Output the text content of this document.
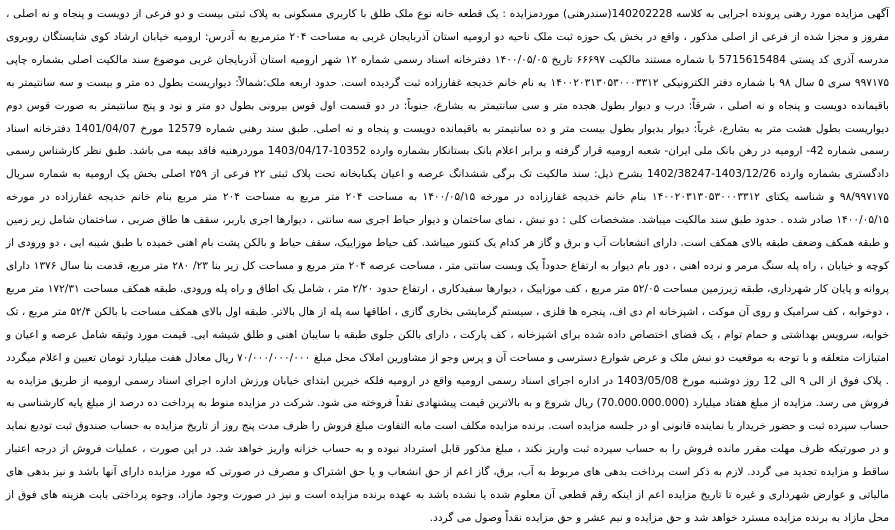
آگهی مزایده مورد رهنی پرونده اجرایی به کلاسه 140202228(سندرهنی) موردمزایده : یک قطعه خانه نوع ملک طلق با کاربری مسکونی به پلاک ثبتی بیست و دو فرعی از دویست و پنجاه و نه اصلی ، مفروز و مجزا شده از فرعی از اصلی مذکور ، واقع در بخش یک حوزه ثبت ملک ناحیه دو ارومیه استان آذربایجان غربی به مساحت ۲۰۴ مترمربع به آدرس: ارومیه خیابان ارشاد کوی شایستگان روبروی مدرسه آذری کد پستی 5715615484 با شماره مستند مالکیت ۶۶۶۹۷ تاریخ ۱۴۰۰/۰۵/۰۵ دفترخانه اسناد رسمی شماره ۱۲ شهر ارومیه استان آذربایجان غربی موضوع سند مالکیت اصلی بشماره چاپی ۹۹۷۱۷۵ سری ۵ سال ۹۸ با شماره دفتر الکترونیکی ۱۴۰۰۲۰۳۱۳۰۵۳۰۰۰۳۳۱۲ به نام خانم خدیجه غفارزاده ثبت گردیده است. حدود اربعه ملک:شمالاً: دیواریست بطول ده متر و بیست و سه سانتیمتر به باقیمانده دویست و پنجاه و نه اصلی ، شرقاً: درب و دیوار بطول هجده متر و سی سانتیمتر به بشارع، جنوباً: در دو قسمت اول قوس بیرونی بطول دو متر و نود و پنج سانتیمتر به صورت قوس دوم دیواریست بطول هشت متر به بشارع، غرباً: دیوار بدیوار بطول بیست متر و ده سانتیمتر به باقیمانده دویست و پنجاه و نه اصلی. طبق سند رهنی شماره 12579 مورخ 1401/04/07 دفترخانه اسناد رسمی شماره 42- ارومیه در رهن بانک ملی ایران- شعبه ارومیه قرار گرفته و برابر اعلام بانک بستانکار بشماره وارده 10352-1403/04/17 موردرهنیه فاقد بیمه می باشد. طبق نظر کارشناس رسمی دادگستری بشماره وارده 1403/12/26-1402/38247 بشرح ذیل: سند مالکیت تک برگی ششدانگ عرصه و اعیان یکبابخانه تحت پلاک ثبتی ۲۲ فرعی از ۲۵۹ اصلی بخش یک ارومیه به شماره سریال ۹۸/۹۹۷۱۷۵ و شناسه یکتای ۱۴۰۰۲۰۳۱۳۰۵۳۰۰۰۳۳۱۲ بنام خانم خدیجه غفارزاده در مورخه ۱۴۰۰/۰۵/۱۵ به مساحت ۲۰۴ متر مربع به مساحت ۲۰۴ متر مربع بنام خانم خدیجه غفارزاده در مورخه ۱۴۰۰/۰۵/۱۵ صادر شده . حدود طبق سند مالکیت میباشد. مشخصات کلی : دو نبش ، نمای ساختمان و دیوار حیاط اجری سه سانتی ، دیوارها اجری باربر، سقف ها طاق ضربی ، ساختمان شامل زیر زمین و طبقه همکف وضعف طبقه بالای همکف است. دارای انشعابات آب و برق و گاز هر کدام یک کنتور میباشد. کف حیاط موزاییک، سقف حیاط و بالکن پشت بام اهنی خمیده با طبق شیبه ایی ، دو ورودی از کوچه و خیابان ، راه پله سنگ مرمر و نرده اهنی ، دور بام دیوار به ارتفاع حدوداً یک ویست سانتی متر ، مساحت عرصه ۲۰۴ متر مربع و مساحت کل زیر بنا ۲۳/ ۲۸۰ متر مربع، قدمت بنا سال ۱۳۷۶ دارای پروانه و پایان کار شهرداری، طبقه زیرزمین مساحت ۵۲/۰۵ متر مربع ، کف موزاییک ، دیوارها سفیدکاری ، ارتفاع حدود ۲/۲۰ متر ، شامل یک اطاق و راه پله ورودی. طبقه همکف مساحت ۱۷۲/۳۱ متر مربع ، دوخوابه ، کف سرامیک و روی آن موکت ، اشپزخانه ام دی اف، پنجره ها فلزی ، سیستم گرمایشی بخاری گازی ، اطاقها سه پله از هال بالاتر. طبقه اول بالای همکف مساحت با بالکن ۵۲/۴ متر مربع ، تک خوابه، سرویس بهداشتی و حمام توام ، یک فضای اختصاص داده شده برای اشپزخانه ، کف پارکت ، دارای بالکن جلوی طبقه با سایبان اهنی و طلق شیشه ایی. قیمت مورد وثیقه شامل عرصه و اعیان و امتیازات متعلقه و با توجه به موقعیت دو نبش ملک و عرض شوارع دسترسی و مساحت آن و پرس وجو از مشاورین املاک محل مبلغ ۷۰/۰۰۰/۰۰۰/۰۰۰ ریال معادل هفت میلیارد تومان تعیین و اعلام میگردد . پلاک فوق از الی ۹ الی 12 روز دوشنبه مورخ 1403/05/08 در اداره اجرای اسناد رسمی ارومیه واقع در ارومیه فلکه خیرین ابتدای خیابان ورزش اداره اجرای اسناد رسمی ارومیه از طریق مزایده به فروش می رسد. مزایده از مبلغ هفتاد میلیارد (70.000.000.000) ریال شروع و به بالاترین قیمت پیشنهادی نقداً فروخته می شود. شرکت در مزایده منوط به پرداخت ده درصد از مبلغ پایه کارشناسی به حساب سپرده ثبت و حضور خریدار یا نماینده قانونی او در جلسه مزایده است. برنده مزایده مکلف است مابه التفاوت مبلغ فروش را ظرف مدت پنج روز از تاریخ مزایده به حساب صندوق ثبت تودیع نماید و در صورتیکه ظرف مهلت مقرر مانده فروش را به حساب سپرده ثبت واریز نکند ، مبلغ مذکور قابل استرداد نبوده و به حساب خزانه واریز خواهد شد. در این صورت ، عملیات فروش از درجه اعتبار ساقط و مزایده تجدید می گردد. لازم به ذکر است پرداخت بدهی های مربوط به آب، برق، گاز اعم از حق انشعاب و یا حق اشتراک و مصرف در صورتی که مورد مزایده دارای آنها باشد و نیز بدهی های مالیاتی و عوارض شهرداری و غیره تا تاریخ مزایده اعم از اینکه رقم قطعی آن معلوم شده یا نشده باشد به عهده برنده مزایده است و نیز در صورت وجود مازاد، وجوه پرداختی بابت هزینه های فوق از محل مازاد به برنده مزایده مسترد خواهد شد و حق مزایده و نیم عشر و حق مزایده نقداً وصول می گردد.
